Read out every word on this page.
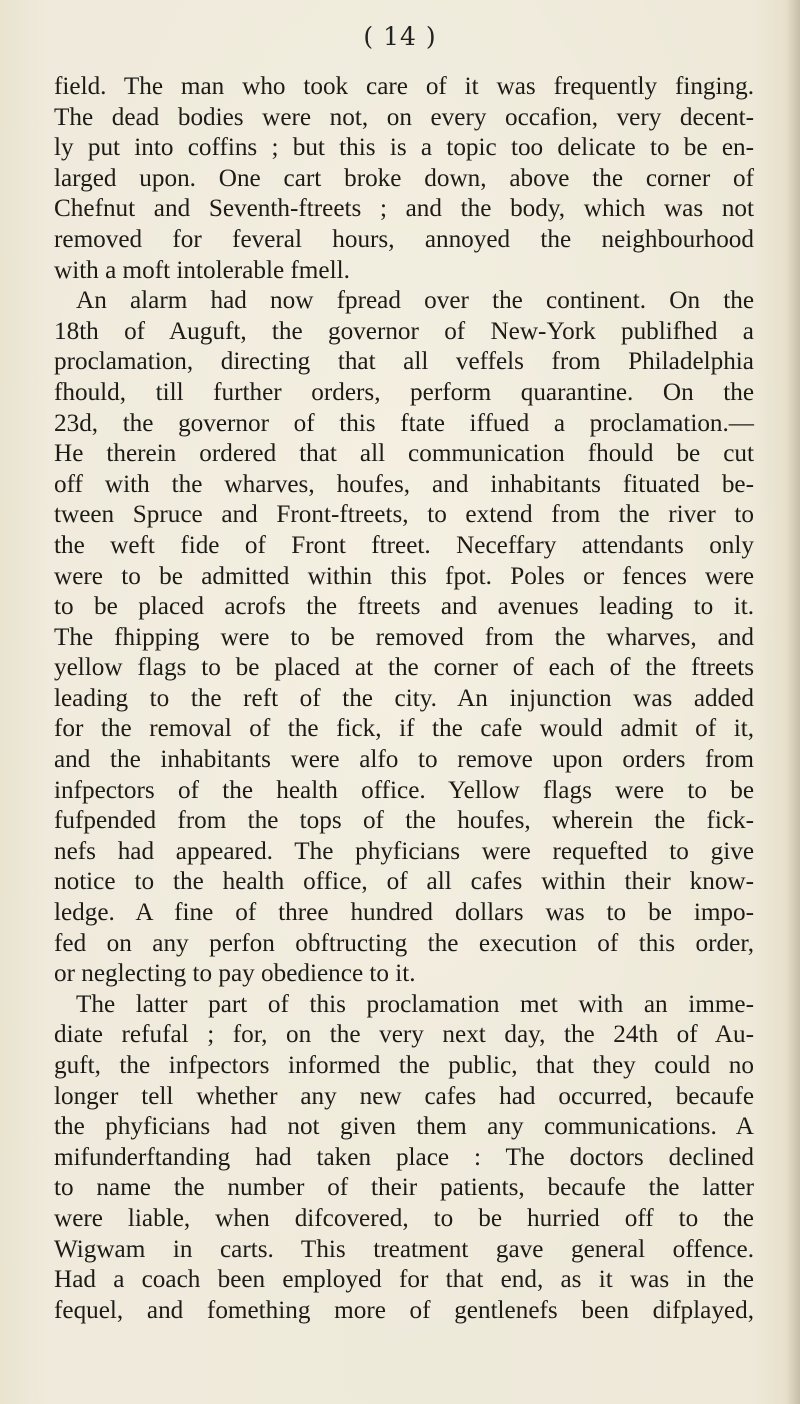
( 14 )
field. The man who took care of it was frequently finging.
The dead bodies were not, on every occafion, very decent-
ly put into coffins ; but this is a topic too delicate to be en-
larged upon. One cart broke down, above the corner of
Chefnut and Seventh-ftreets ; and the body, which was not
removed for feveral hours, annoyed the neighbourhood
with a moft intolerable fmell.
An alarm had now fpread over the continent. On the
18th of Auguft, the governor of New-York publifhed a
proclamation, directing that all veffels from Philadelphia
fhould, till further orders, perform quarantine. On the
23d, the governor of this ftate iffued a proclamation.—
He therein ordered that all communication fhould be cut
off with the wharves, houfes, and inhabitants fituated be-
tween Spruce and Front-ftreets, to extend from the river to
the weft fide of Front ftreet. Neceffary attendants only
were to be admitted within this fpot. Poles or fences were
to be placed acrofs the ftreets and avenues leading to it.
The fhipping were to be removed from the wharves, and
yellow flags to be placed at the corner of each of the ftreets
leading to the reft of the city. An injunction was added
for the removal of the fick, if the cafe would admit of it,
and the inhabitants were alfo to remove upon orders from
infpectors of the health office. Yellow flags were to be
fufpended from the tops of the houfes, wherein the fick-
nefs had appeared. The phyficians were requefted to give
notice to the health office, of all cafes within their know-
ledge. A fine of three hundred dollars was to be impo-
fed on any perfon obftructing the execution of this order,
or neglecting to pay obedience to it.
The latter part of this proclamation met with an imme-
diate refufal ; for, on the very next day, the 24th of Au-
guft, the infpectors informed the public, that they could no
longer tell whether any new cafes had occurred, becaufe
the phyficians had not given them any communications. A
mifunderftanding had taken place : The doctors declined
to name the number of their patients, becaufe the latter
were liable, when difcovered, to be hurried off to the
Wigwam in carts. This treatment gave general offence.
Had a coach been employed for that end, as it was in the
fequel, and fomething more of gentlenefs been difplayed,
